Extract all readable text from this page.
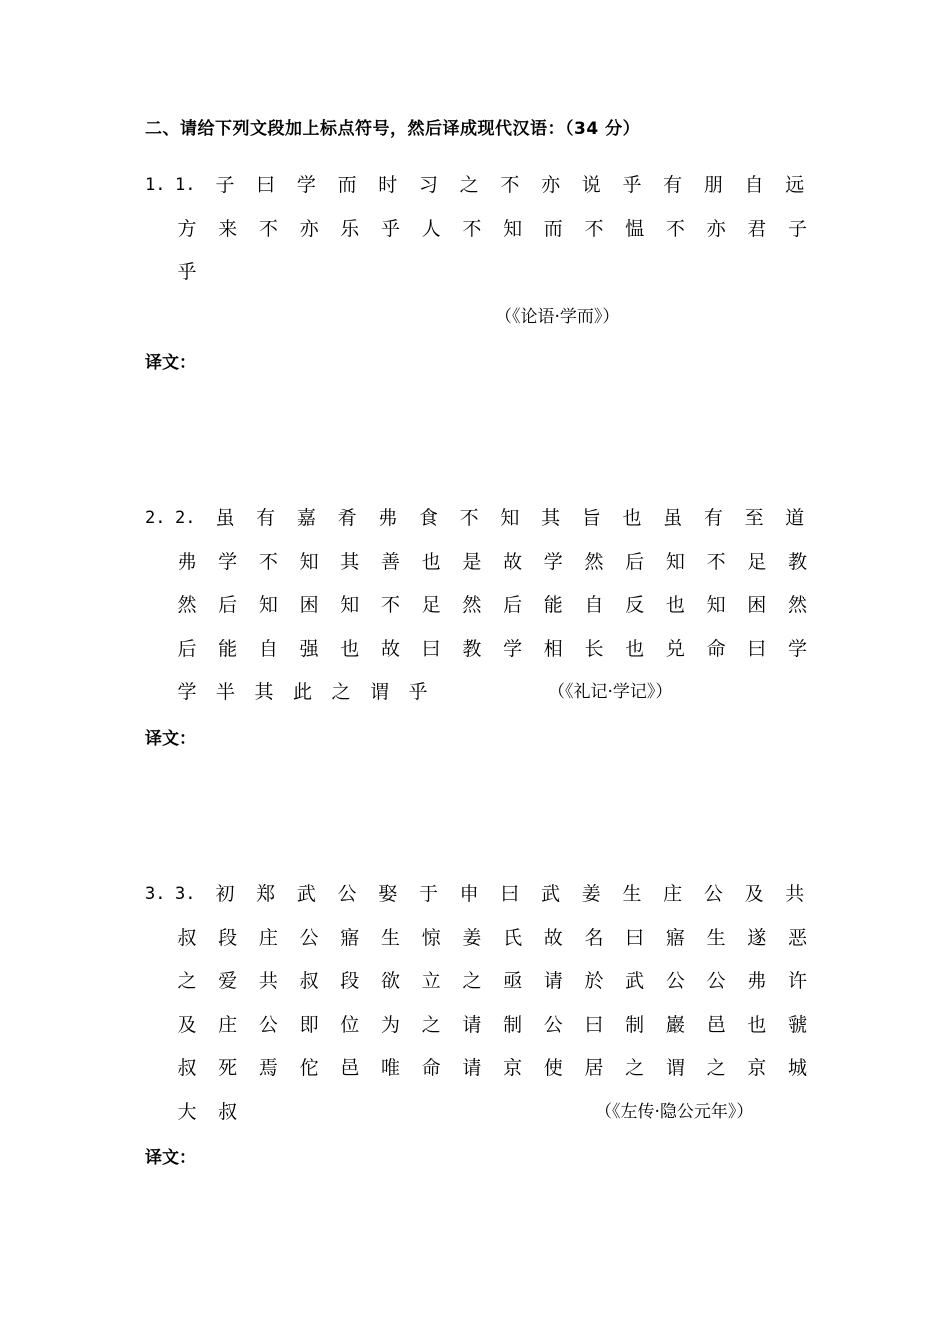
二、请给下列文段加上标点符号，然后译成现代汉语：（34 分）
1. 1. 子 曰 学 而 时 习 之 不 亦 说 乎 有 朋 自 远
方 来 不 亦 乐 乎 人 不 知 而 不 愠 不 亦 君 子
乎
（《论语·学而》）
译文：
2. 2. 虽 有 嘉 肴 弗 食 不 知 其 旨 也 虽 有 至 道
弗 学 不 知 其 善 也 是 故 学 然 后 知 不 足 教
然 后 知 困 知 不 足 然 后 能 自 反 也 知 困 然
后 能 自 强 也 故 曰 教 学 相 长 也 兑 命 曰 学
学 半 其 此 之 谓 乎	（《礼记·学记》）
译文：
3. 3. 初 郑 武 公 娶 于 申 曰 武 姜 生 庄 公 及 共
叔 段 庄 公 寤 生 惊 姜 氏 故 名 曰 寤 生 遂 恶
之 爱 共 叔 段 欲 立 之 亟 请 於 武 公 公 弗 许
及 庄 公 即 位 为 之 请 制 公 曰 制 巖 邑 也 虢
叔 死 焉 佗 邑 唯 命 请 京 使 居 之 谓 之 京 城
大 叔	（《左传·隐公元年》）
译文：
